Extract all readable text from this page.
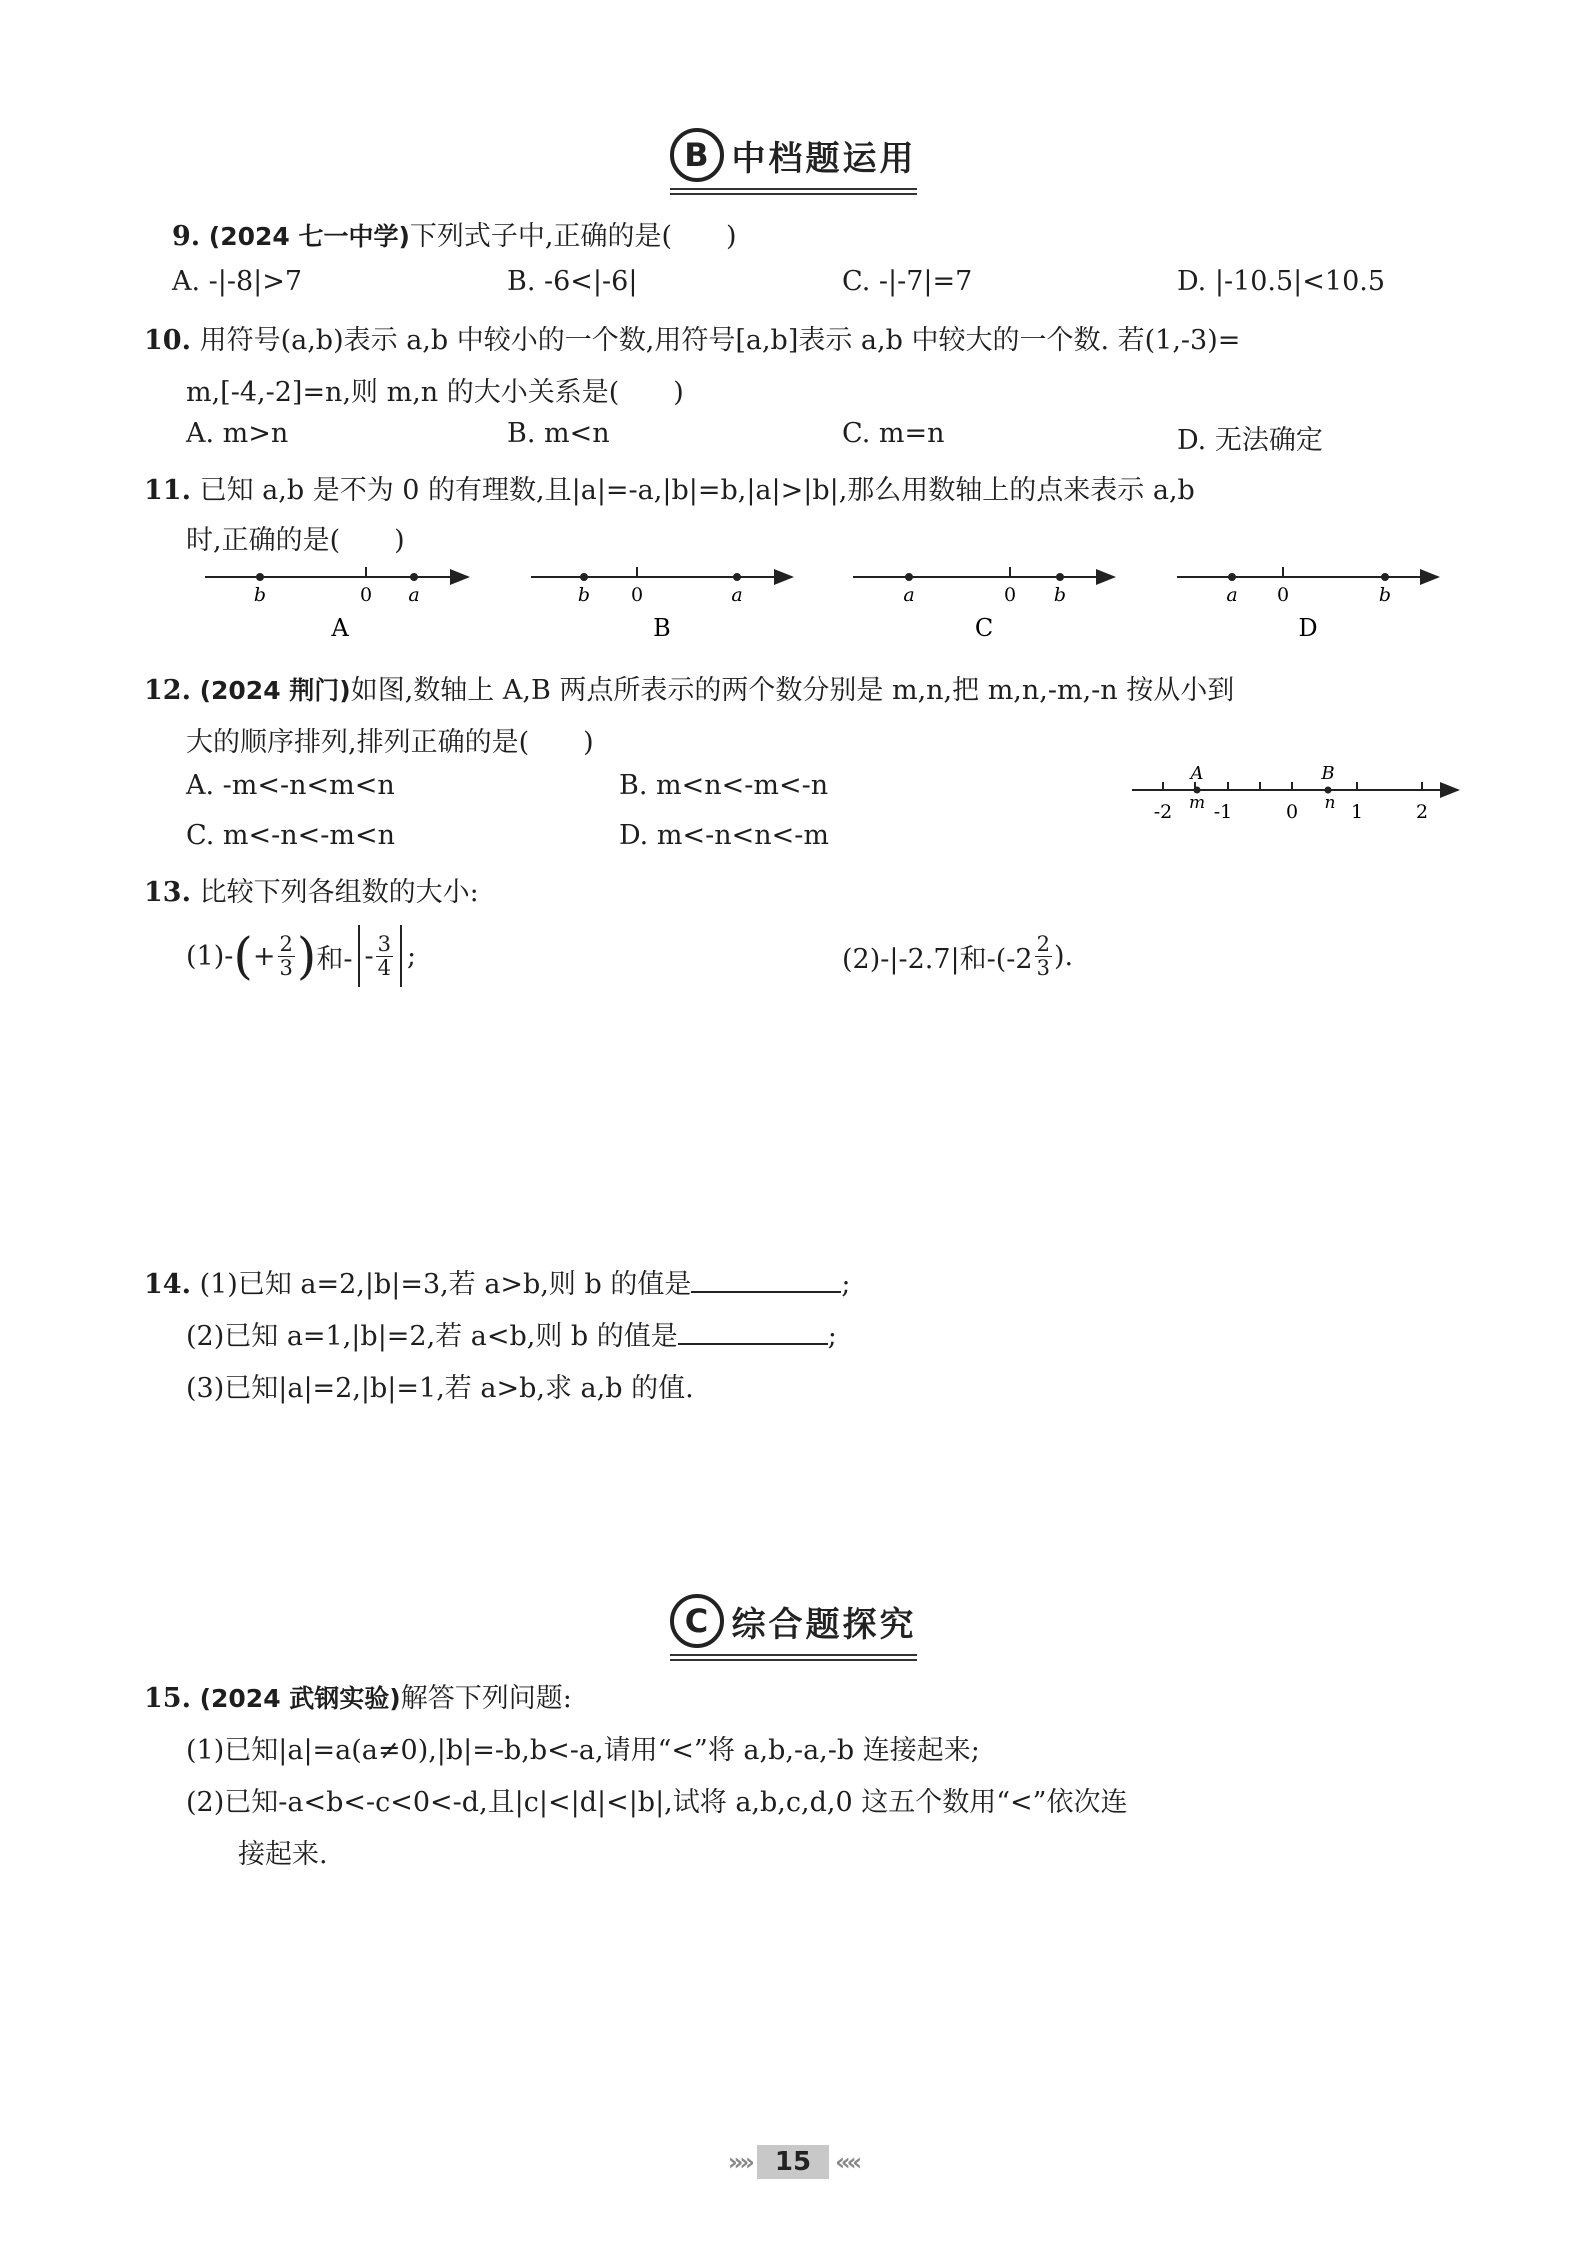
B 中档题运用
9. (2024 七一中学)下列式子中,正确的是(　　)
A. -|-8|>7	B. -6<|-6|	C. -|-7|=7	D. |-10.5|<10.5
10. 用符号(a,b)表示 a,b 中较小的一个数,用符号[a,b]表示 a,b 中较大的一个数. 若(1,-3)=
m,[-4,-2]=n,则 m,n 的大小关系是(　　)
A. m>n	B. m<n	C. m=n	D. 无法确定
11. 已知 a,b 是不为 0 的有理数,且|a|=-a,|b|=b,|a|>|b|,那么用数轴上的点来表示 a,b
时,正确的是(　　)
b	0 a
A
b 0	a
B
a	0 b
C
a 0	b
D
12. (2024 荆门)如图,数轴上 A,B 两点所表示的两个数分别是 m,n,把 m,n,-m,-n 按从小到
大的顺序排列,排列正确的是(　　)
A. -m<-n<m<n	B. m<n<-m<-n
C. m<-n<-m<n	D. m<-n<n<-m
A	B
m	n
-2 -1	0	1	2
13. 比较下列各组数的大小:
(1)- ( + $\frac{2}{3}$ ) 和- - $\frac{3}{4}$ ;	(2)-|-2.7|和$-(-2 \frac{2}{3}$ ).
14. (1)已知 a=2,|b|=3,若 a>b,则 b 的值是	;
(2)已知 a=1,|b|=2,若 a<b,则 b 的值是	;
(3)已知|a|=2,|b|=1,若 a>b,求 a,b 的值.
C 综合题探究
15. (2024 武钢实验)解答下列问题:
(1)已知|a|=a(a≠0),|b|=-b,b<-a,请用“<”将 a,b,-a,-b 连接起来;
(2)已知-a<b<-c<0<-d,且|c|<|d|<|b|,试将 a,b,c,d,0 这五个数用“<”依次连
接起来.
»» 15	««
